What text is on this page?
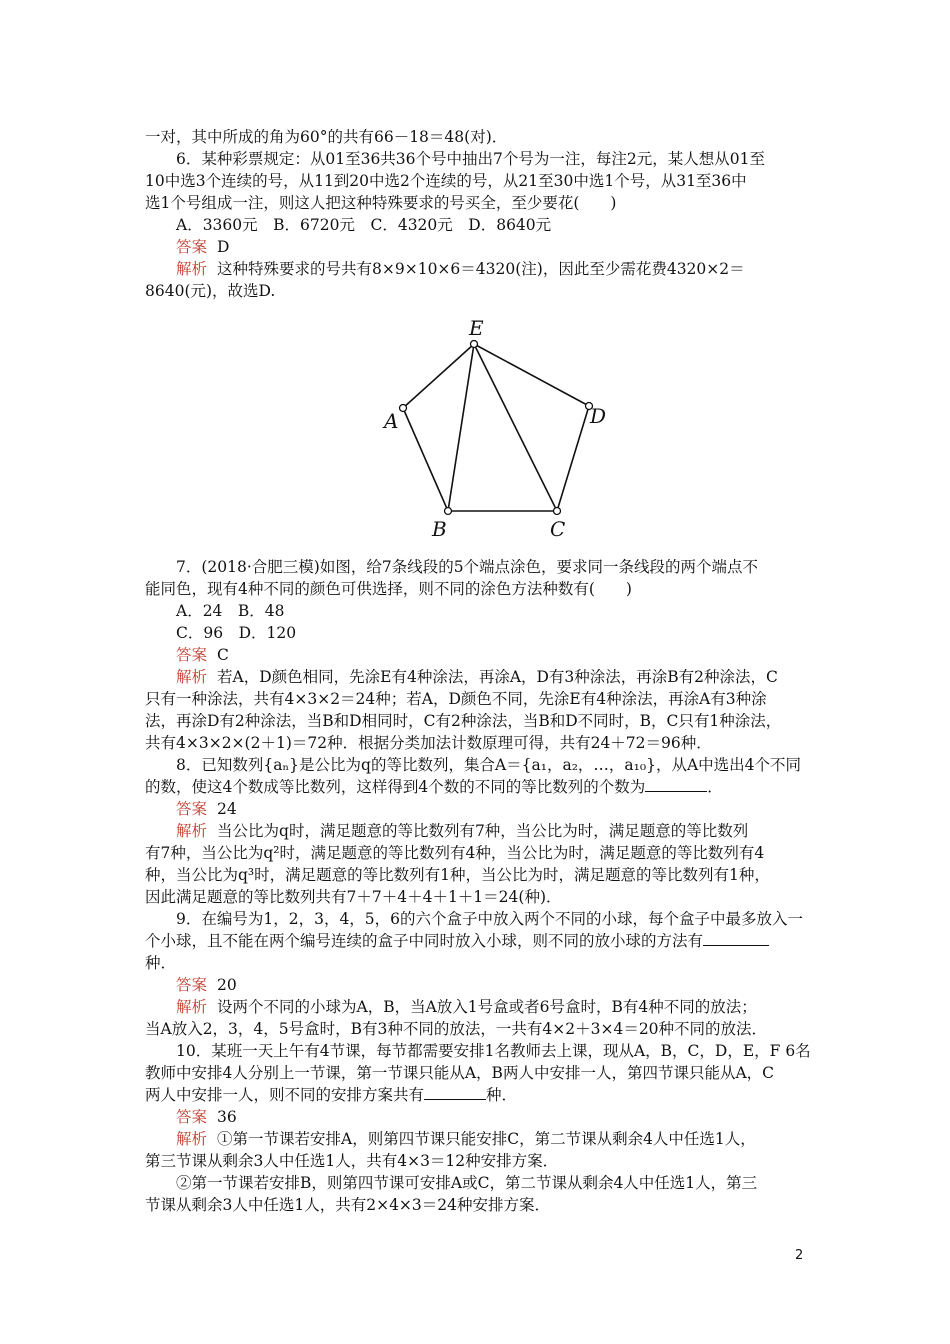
一对，其中所成的角为60°的共有66－18＝48(对)．
6．某种彩票规定：从01至36共36个号中抽出7个号为一注，每注2元，某人想从01至
10中选3个连续的号，从11到20中选2个连续的号，从21至30中选1个号，从31至36中
选1个号组成一注，则这人把这种特殊要求的号买全，至少要花(　　)
A．3360元　B．6720元　C．4320元　D．8640元
答案 D
解析 这种特殊要求的号共有8×9×10×6＝4320(注)，因此至少需花费4320×2＝
8640(元)，故选D.
E
A	D
B	C
7．(2018·合肥三模)如图，给7条线段的5个端点涂色，要求同一条线段的两个端点不
能同色，现有4种不同的颜色可供选择，则不同的涂色方法种数有(　　)
A．24　B．48
C．96　D．120
答案 C
解析 若A，D颜色相同，先涂E有4种涂法，再涂A，D有3种涂法，再涂B有2种涂法，C
只有一种涂法，共有4×3×2＝24种；若A，D颜色不同，先涂E有4种涂法，再涂A有3种涂
法，再涂D有2种涂法，当B和D相同时，C有2种涂法，当B和D不同时，B，C只有1种涂法，
共有4×3×2×(2＋1)＝72种．根据分类加法计数原理可得，共有24＋72＝96种．
8．已知数列{aₙ}是公比为q的等比数列，集合A＝{a₁，a₂，…，a₁₀}，从A中选出4个不同
的数，使这4个数成等比数列，这样得到4个数的不同的等比数列的个数为	．
答案 24
解析 当公比为q时，满足题意的等比数列有7种，当公比为时，满足题意的等比数列
有7种，当公比为q²时，满足题意的等比数列有4种，当公比为时，满足题意的等比数列有4
种，当公比为q³时，满足题意的等比数列有1种，当公比为时，满足题意的等比数列有1种，
因此满足题意的等比数列共有7＋7＋4＋4＋1＋1＝24(种)．
9．在编号为1，2，3，4，5，6的六个盒子中放入两个不同的小球，每个盒子中最多放入一
个小球，且不能在两个编号连续的盒子中同时放入小球，则不同的放小球的方法有
种．
答案 20
解析 设两个不同的小球为A，B，当A放入1号盒或者6号盒时，B有4种不同的放法；
当A放入2，3，4，5号盒时，B有3种不同的放法，一共有4×2＋3×4＝20种不同的放法．
10．某班一天上午有4节课，每节都需要安排1名教师去上课，现从A，B，C，D，E，F 6名
教师中安排4人分别上一节课，第一节课只能从A，B两人中安排一人，第四节课只能从A，C
两人中安排一人，则不同的安排方案共有	种．
答案 36
解析 ①第一节课若安排A，则第四节课只能安排C，第二节课从剩余4人中任选1人，
第三节课从剩余3人中任选1人，共有4×3＝12种安排方案．
②第一节课若安排B，则第四节课可安排A或C，第二节课从剩余4人中任选1人，第三
节课从剩余3人中任选1人，共有2×4×3＝24种安排方案．
2
